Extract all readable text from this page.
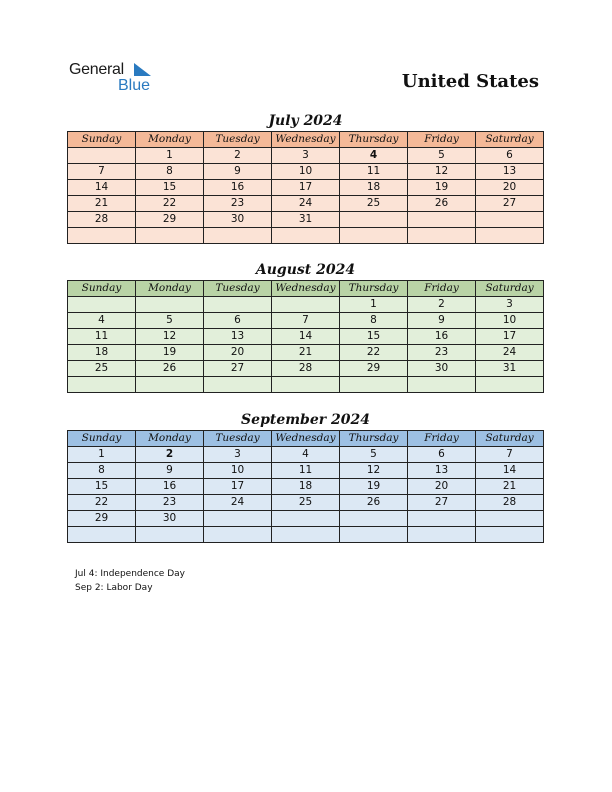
General
Blue	United States
July 2024
Sunday	Monday	Tuesday	Wednesday	Thursday	Friday	Saturday
	1	2	3	4	5	6
7	8	9	10	11	12	13
14	15	16	17	18	19	20
21	22	23	24	25	26	27
28	29	30	31			

August 2024
Sunday	Monday	Tuesday	Wednesday	Thursday	Friday	Saturday
				1	2	3
4	5	6	7	8	9	10
11	12	13	14	15	16	17
18	19	20	21	22	23	24
25	26	27	28	29	30	31

September 2024
Sunday	Monday	Tuesday	Wednesday	Thursday	Friday	Saturday
1	2	3	4	5	6	7
8	9	10	11	12	13	14
15	16	17	18	19	20	21
22	23	24	25	26	27	28
29	30					

Jul 4: Independence Day
Sep 2: Labor Day
